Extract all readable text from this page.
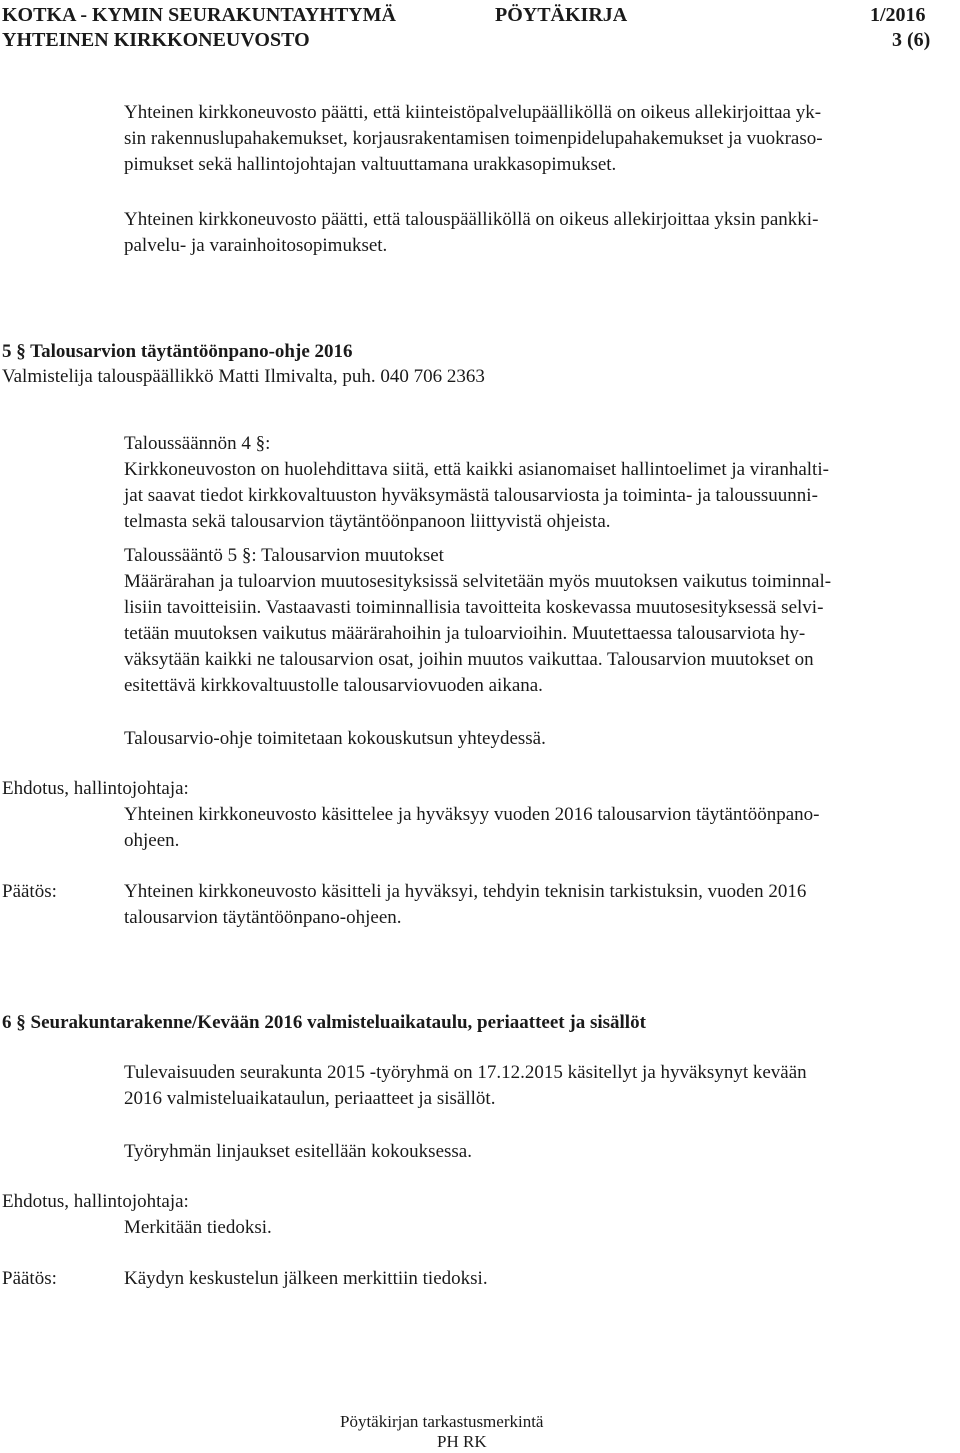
KOTKA - KYMIN SEURAKUNTAYHTYMÄ	PÖYTÄKIRJA	1/2016
YHTEINEN KIRKKONEUVOSTO	3 (6)

Yhteinen kirkkoneuvosto päätti, että kiinteistöpalvelupäälliköllä on oikeus allekirjoittaa yk-

sin rakennuslupahakemukset, korjausrakentamisen toimenpidelupahakemukset ja vuokraso-

pimukset sekä hallintojohtajan valtuuttamana urakkasopimukset.

Yhteinen kirkkoneuvosto päätti, että talouspäälliköllä on oikeus allekirjoittaa yksin pankki-

palvelu- ja varainhoitosopimukset.

5 § Talousarvion täytäntöönpano-ohje 2016
Valmistelija talouspäällikkö Matti Ilmivalta, puh. 040 706 2363

Taloussäännön 4 §:

Kirkkoneuvoston on huolehdittava siitä, että kaikki asianomaiset hallintoelimet ja viranhalti-

jat saavat tiedot kirkkovaltuuston hyväksymästä talousarviosta ja toiminta- ja taloussuunni-

telmasta sekä talousarvion täytäntöönpanoon liittyvistä ohjeista.

Taloussääntö 5 §: Talousarvion muutokset

Määrärahan ja tuloarvion muutosesityksissä selvitetään myös muutoksen vaikutus toiminnal-

lisiin tavoitteisiin. Vastaavasti toiminnallisia tavoitteita koskevassa muutosesityksessä selvi-

tetään muutoksen vaikutus määrärahoihin ja tuloarvioihin. Muutettaessa talousarviota hy-

väksytään kaikki ne talousarvion osat, joihin muutos vaikuttaa. Talousarvion muutokset on

esitettävä kirkkovaltuustolle talousarviovuoden aikana.

Talousarvio-ohje toimitetaan kokouskutsun yhteydessä.
Ehdotus, hallintojohtaja:

Yhteinen kirkkoneuvosto käsittelee ja hyväksyy vuoden 2016 talousarvion täytäntöönpano-

ohjeen.

Päätös:	Yhteinen kirkkoneuvosto käsitteli ja hyväksyi, tehdyin teknisin tarkistuksin, vuoden 2016

talousarvion täytäntöönpano-ohjeen.

6 § Seurakuntarakenne/Kevään 2016 valmisteluaikataulu, periaatteet ja sisällöt

Tulevaisuuden seurakunta 2015 -työryhmä on 17.12.2015 käsitellyt ja hyväksynyt kevään

2016 valmisteluaikataulun, periaatteet ja sisällöt.

Työryhmän linjaukset esitellään kokouksessa.
Ehdotus, hallintojohtaja:
Merkitään tiedoksi.
Päätös:	Käydyn keskustelun jälkeen merkittiin tiedoksi.
Pöytäkirjan tarkastusmerkintä
PH RK
